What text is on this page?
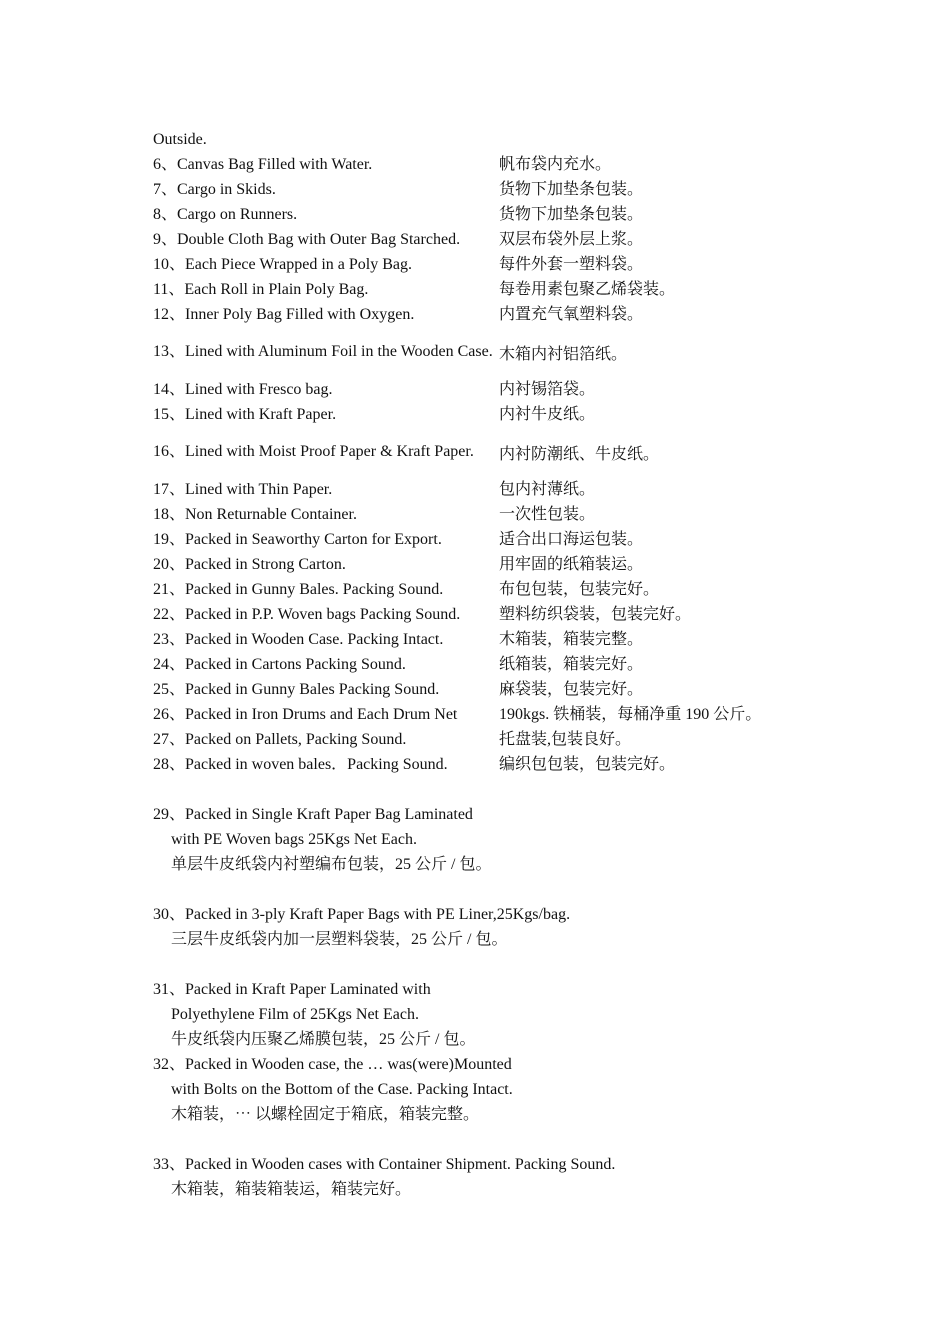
Outside.
6、Canvas Bag Filled with Water.	帆布袋内充水。
7、Cargo in Skids.	货物下加垫条包装。
8、Cargo on Runners.	货物下加垫条包装。
9、Double Cloth Bag with Outer Bag Starched.	双层布袋外层上浆。
10、Each Piece Wrapped in a Poly Bag.	每件外套一塑料袋。
11、Each Roll in Plain Poly Bag.	每卷用素包聚乙烯袋装。
12、Inner Poly Bag Filled with Oxygen.	内置充气氧塑料袋。
13、Lined with Aluminum Foil in the Wooden Case. 木箱内衬铝箔纸。
14、Lined with Fresco bag.	内衬锡箔袋。
15、Lined with Kraft Paper.	内衬牛皮纸。
16、Lined with Moist Proof Paper & Kraft Paper.	内衬防潮纸、牛皮纸。
17、Lined with Thin Paper.	包内衬薄纸。
18、Non Returnable Container.	一次性包装。
19、Packed in Seaworthy Carton for Export.	适合出口海运包装。
20、Packed in Strong Carton.	用牢固的纸箱装运。
21、Packed in Gunny Bales. Packing Sound.	布包包装，包装完好。
22、Packed in P.P. Woven bags Packing Sound.	塑料纺织袋装，包装完好。
23、Packed in Wooden Case. Packing Intact.	木箱装，箱装完整。
24、Packed in Cartons Packing Sound.	纸箱装，箱装完好。
25、Packed in Gunny Bales Packing Sound.	麻袋装，包装完好。
26、Packed in Iron Drums and Each Drum Net	190kgs. 铁桶装，每桶净重 190 公斤。
27、Packed on Pallets, Packing Sound.	托盘装,包装良好。
28、Packed in woven bales．Packing Sound.	编织包包装，包装完好。
29、Packed in Single Kraft Paper Bag Laminated
with PE Woven bags 25Kgs Net Each.
单层牛皮纸袋内衬塑编布包装，25 公斤 / 包。
30、Packed in 3-ply Kraft Paper Bags with PE Liner,25Kgs/bag.
三层牛皮纸袋内加一层塑料袋装，25 公斤 / 包。
31、Packed in Kraft Paper Laminated with
Polyethylene Film of 25Kgs Net Each.
牛皮纸袋内压聚乙烯膜包装，25 公斤 / 包。
32、Packed in Wooden case, the … was(were)Mounted
with Bolts on the Bottom of the Case. Packing Intact.
木箱装，⋯ 以螺栓固定于箱底，箱装完整。
33、Packed in Wooden cases with Container Shipment. Packing Sound.
木箱装，箱装箱装运，箱装完好。
